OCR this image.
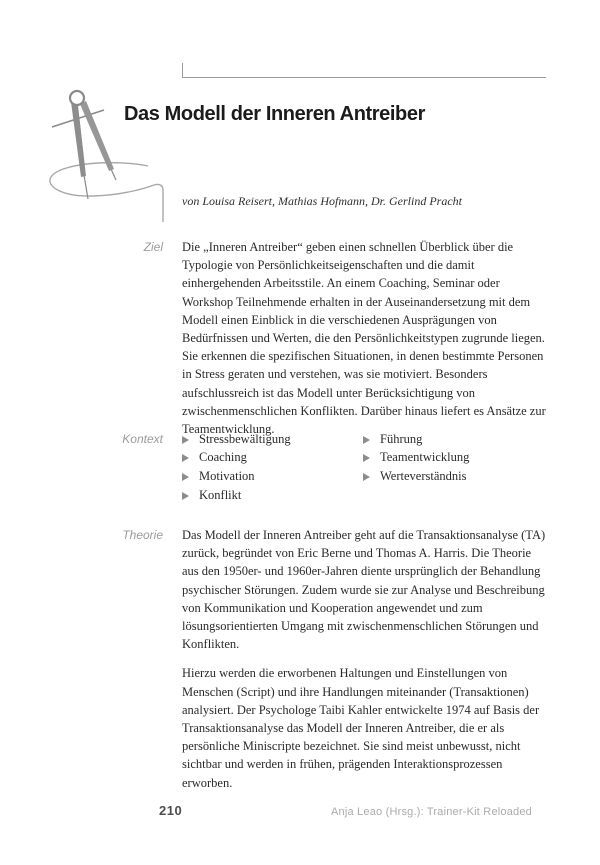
Das Modell der Inneren Antreiber
von Louisa Reisert, Mathias Hofmann, Dr. Gerlind Pracht
Ziel Die „Inneren Antreiber“ geben einen schnellen Überblick über die Typologie von Persönlichkeitseigenschaften und die damit einhergehenden Arbeitsstile. An einem Coaching, Seminar oder Workshop Teilnehmende erhalten in der Auseinandersetzung mit dem Modell einen Einblick in die verschiedenen Ausprägungen von Bedürfnissen und Werten, die den Persönlichkeitstypen zugrunde liegen. Sie erkennen die spezifischen Situationen, in denen bestimmte Personen in Stress geraten und verstehen, was sie motiviert. Besonders aufschlussreich ist das Modell unter Berücksichtigung von zwischenmenschlichen Konflikten. Darüber hinaus liefert es Ansätze zur Teamentwicklung.

Kontext	Stressbewältigung
Coaching
Motivation
Konflikt
Führung
Teamentwicklung
Werteverständnis
Theorie Das Modell der Inneren Antreiber geht auf die Transaktionsanalyse (TA) zurück, begründet von Eric Berne und Thomas A. Harris. Die Theorie aus den 1950er- und 1960er-Jahren diente ursprünglich der Behandlung psychischer Störungen. Zudem wurde sie zur Analyse und Beschreibung von Kommunikation und Kooperation angewendet und zum lösungsorientierten Umgang mit zwischenmenschlichen Störungen und Konflikten.

Hierzu werden die erworbenen Haltungen und Einstellungen von Menschen (Script) und ihre Handlungen miteinander (Transaktionen) analysiert. Der Psychologe Taibi Kahler entwickelte 1974 auf Basis der Transaktionsanalyse das Modell der Inneren Antreiber, die er als persönliche Miniscripte bezeichnet. Sie sind meist unbewusst, nicht sichtbar und werden in frühen, prägenden Interaktionsprozessen erworben.

210	Anja Leao (Hrsg.): Trainer-Kit Reloaded
